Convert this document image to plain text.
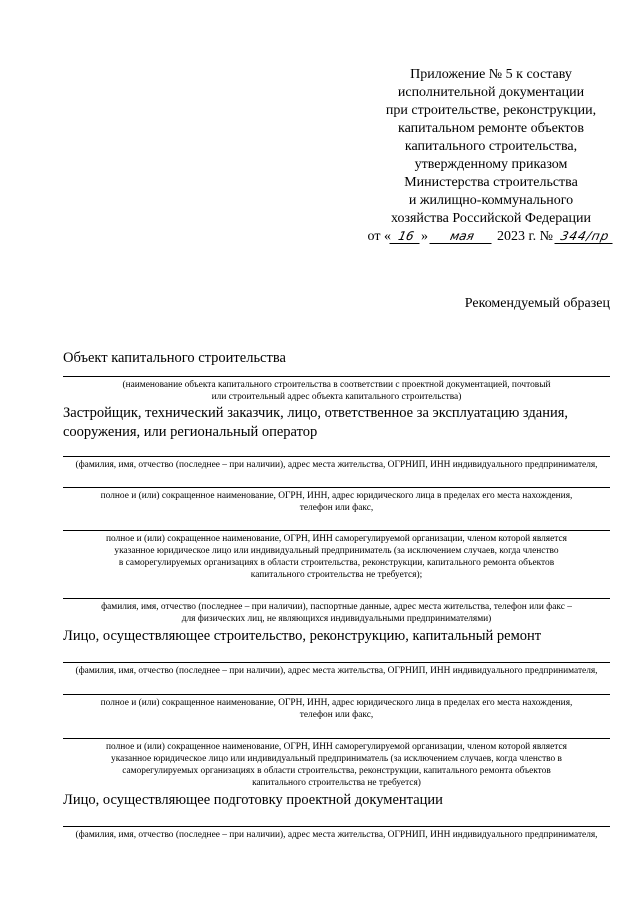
Приложение № 5 к составу
исполнительной документации
при строительстве, реконструкции,
капитальном ремонте объектов
капитального строительства,
утвержденному приказом
Министерства строительства
и жилищно-коммунального
хозяйства Российской Федерации
от « 16 » мая 2023 г. № 344/пр
Рекомендуемый образец
Объект капитального строительства
(наименование объекта капитального строительства в соответствии с проектной документацией, почтовый
или строительный адрес объекта капитального строительства)
Застройщик, технический заказчик, лицо, ответственное за эксплуатацию здания,
сооружения, или региональный оператор
(фамилия, имя, отчество (последнее – при наличии), адрес места жительства, ОГРНИП, ИНН индивидуального предпринимателя,
полное и (или) сокращенное наименование, ОГРН, ИНН, адрес юридического лица в пределах его места нахождения,
телефон или факс,
полное и (или) сокращенное наименование, ОГРН, ИНН саморегулируемой организации, членом которой является
указанное юридическое лицо или индивидуальный предприниматель (за исключением случаев, когда членство
в саморегулируемых организациях в области строительства, реконструкции, капитального ремонта объектов
капитального строительства не требуется);
фамилия, имя, отчество (последнее – при наличии), паспортные данные, адрес места жительства, телефон или факс –
для физических лиц, не являющихся индивидуальными предпринимателями)
Лицо, осуществляющее строительство, реконструкцию, капитальный ремонт
(фамилия, имя, отчество (последнее – при наличии), адрес места жительства, ОГРНИП, ИНН индивидуального предпринимателя,
полное и (или) сокращенное наименование, ОГРН, ИНН, адрес юридического лица в пределах его места нахождения,
телефон или факс,
полное и (или) сокращенное наименование, ОГРН, ИНН саморегулируемой организации, членом которой является
указанное юридическое лицо или индивидуальный предприниматель (за исключением случаев, когда членство в
саморегулируемых организациях в области строительства, реконструкции, капитального ремонта объектов
капитального строительства не требуется)
Лицо, осуществляющее подготовку проектной документации
(фамилия, имя, отчество (последнее – при наличии), адрес места жительства, ОГРНИП, ИНН индивидуального предпринимателя,
